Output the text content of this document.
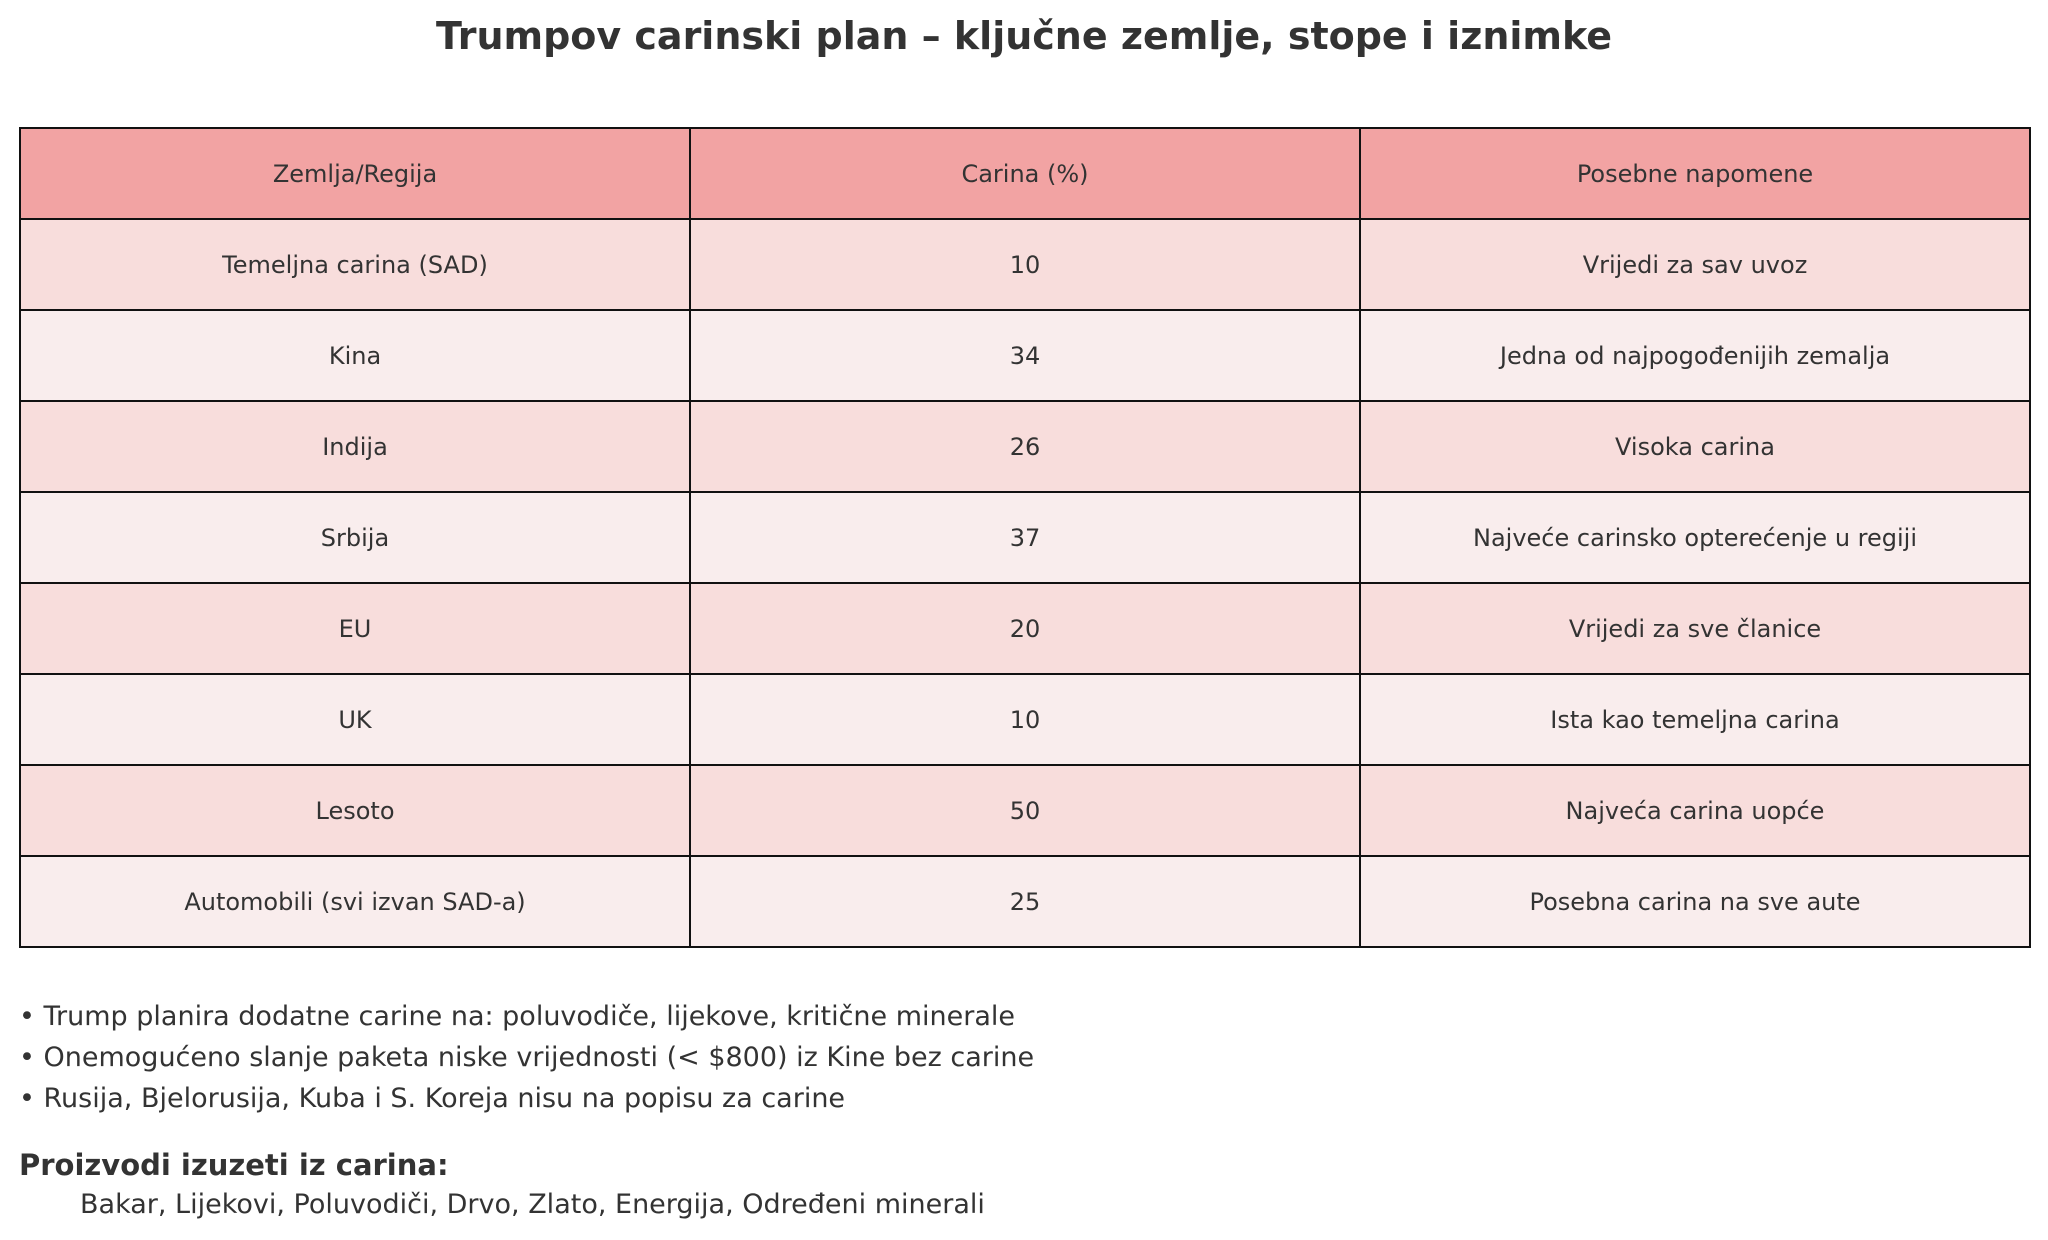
Trumpov carinski plan – ključne zemlje, stope i iznimke
Zemlja/Regija	Carina (%)	Posebne napomene
Temeljna carina (SAD)	10	Vrijedi za sav uvoz
Kina	34	Jedna od najpogođenijih zemalja
Indija	26	Visoka carina
Srbija	37	Najveće carinsko opterećenje u regiji
EU	20	Vrijedi za sve članice
UK	10	Ista kao temeljna carina
Lesoto	50	Najveća carina uopće
Automobili (svi izvan SAD-a)	25	Posebna carina na sve aute
• Trump planira dodatne carine na: poluvodiče, lijekove, kritične minerale
• Onemogućeno slanje paketa niske vrijednosti (< $800) iz Kine bez carine
• Rusija, Bjelorusija, Kuba i S. Koreja nisu na popisu za carine
Proizvodi izuzeti iz carina:
Bakar, Lijekovi, Poluvodiči, Drvo, Zlato, Energija, Određeni minerali
